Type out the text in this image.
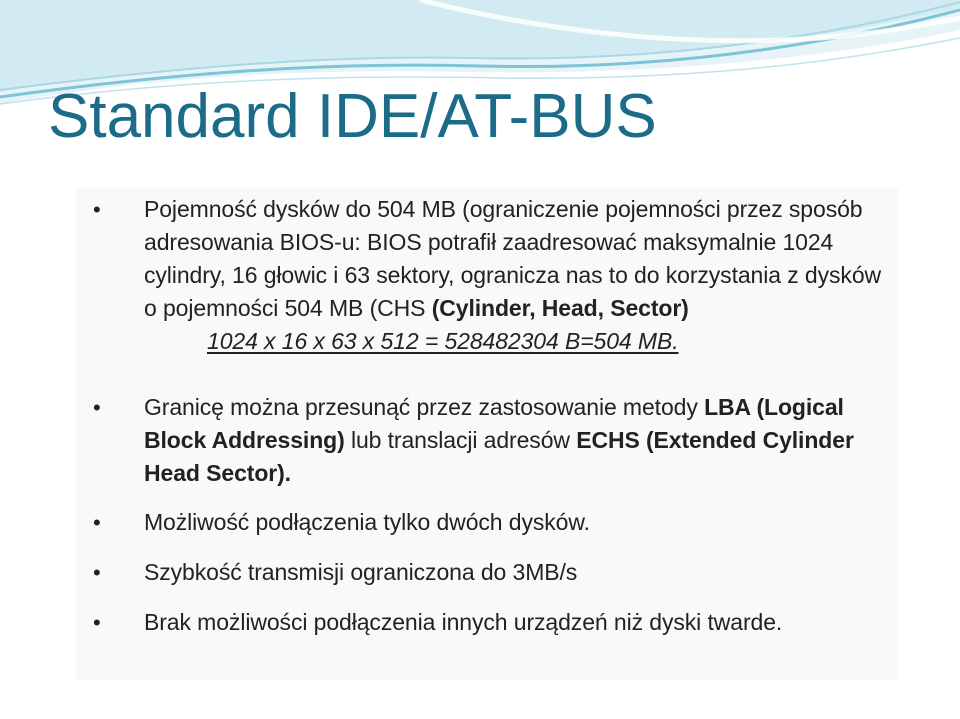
Standard IDE/AT-BUS
• Pojemność dysków do 504 MB (ograniczenie pojemności przez sposób adresowania BIOS-u: BIOS potrafił zaadresować maksymalnie 1024 cylindry, 16 głowic i 63 sektory, ogranicza nas to do korzystania z dysków o pojemności 504 MB (CHS (Cylinder, Head, Sector)
1024 x 16 x 63 x 512 = 528482304 B=504 MB.
• Granicę można przesunąć przez zastosowanie metody LBA (Logical Block Addressing) lub translacji adresów ECHS (Extended Cylinder Head Sector).
• Możliwość podłączenia tylko dwóch dysków.
• Szybkość transmisji ograniczona do 3MB/s
• Brak możliwości podłączenia innych urządzeń niż dyski twarde.
